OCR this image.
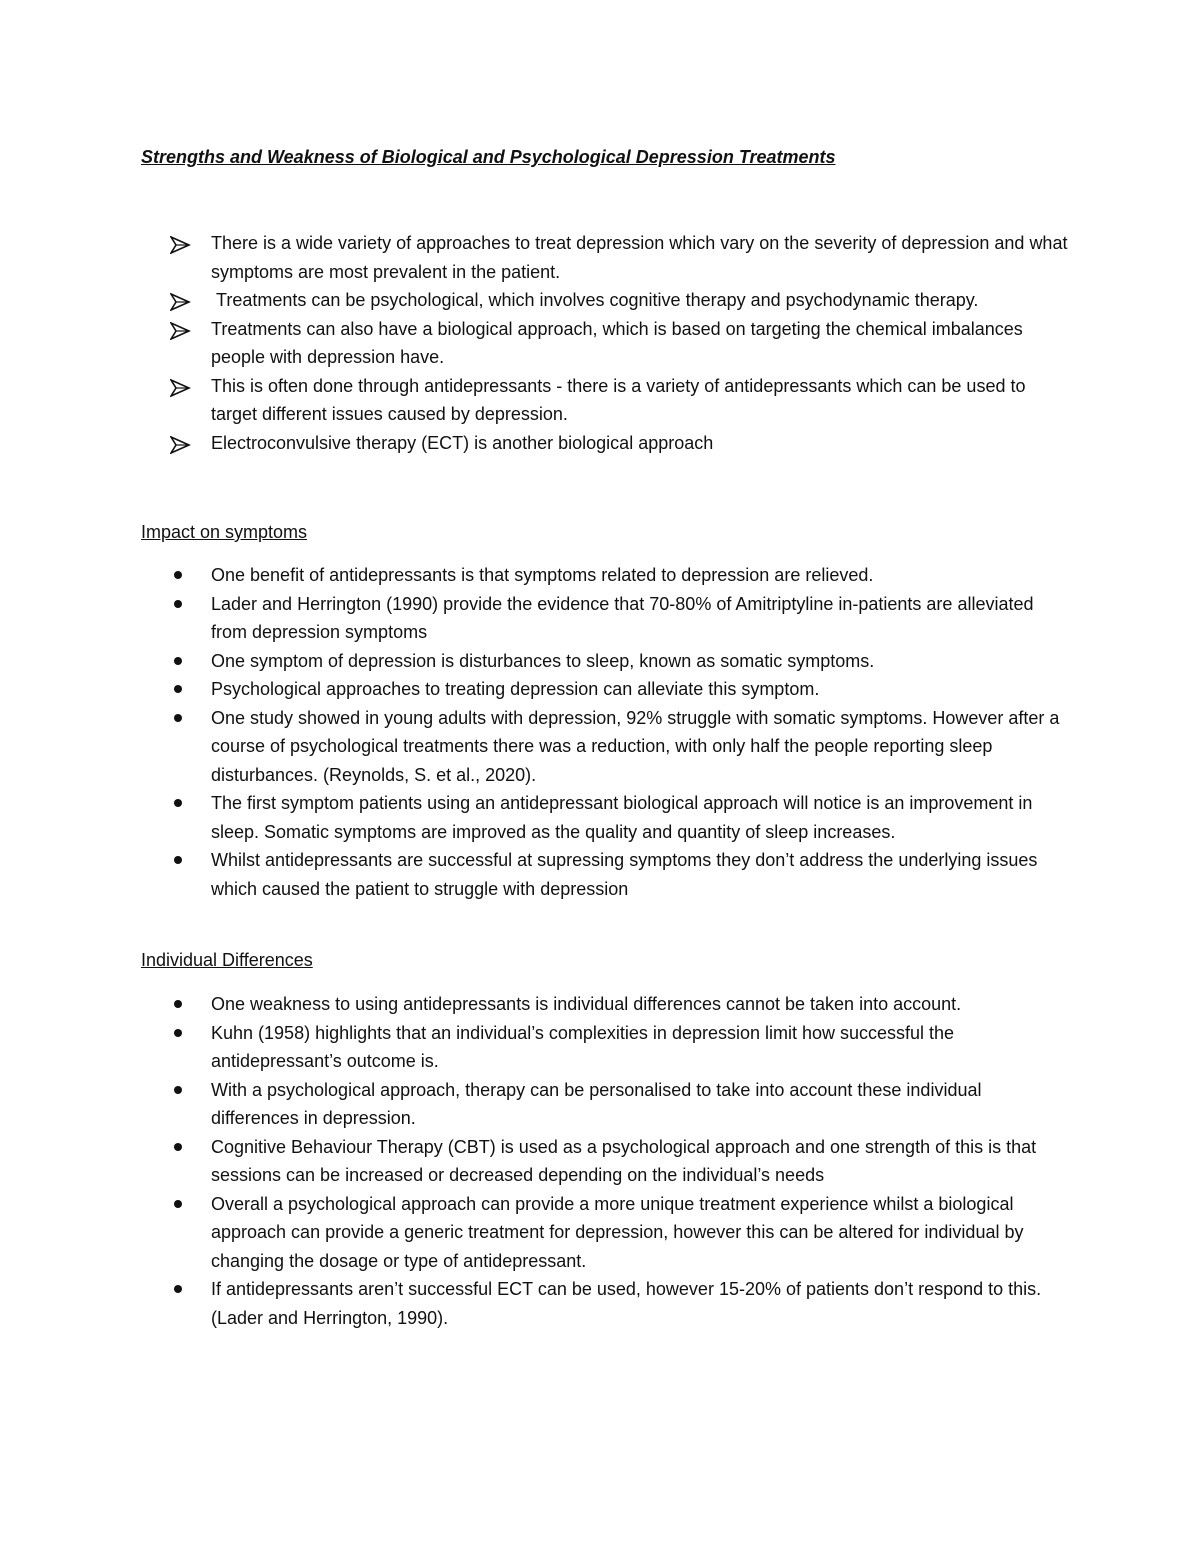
Strengths and Weakness of Biological and Psychological Depression Treatments
There is a wide variety of approaches to treat depression which vary on the severity of depression and what symptoms are most prevalent in the patient.
Treatments can be psychological, which involves cognitive therapy and psychodynamic therapy.
Treatments can also have a biological approach, which is based on targeting the chemical imbalances people with depression have.
This is often done through antidepressants - there is a variety of antidepressants which can be used to target different issues caused by depression.
Electroconvulsive therapy (ECT) is another biological approach
Impact on symptoms
One benefit of antidepressants is that symptoms related to depression are relieved.
Lader and Herrington (1990) provide the evidence that 70-80% of Amitriptyline in-patients are alleviated from depression symptoms
One symptom of depression is disturbances to sleep, known as somatic symptoms.
Psychological approaches to treating depression can alleviate this symptom.
One study showed in young adults with depression, 92% struggle with somatic symptoms. However after a course of psychological treatments there was a reduction, with only half the people reporting sleep disturbances. (Reynolds, S. et al., 2020).
The first symptom patients using an antidepressant biological approach will notice is an improvement in sleep. Somatic symptoms are improved as the quality and quantity of sleep increases.
Whilst antidepressants are successful at supressing symptoms they don’t address the underlying issues which caused the patient to struggle with depression
Individual Differences
One weakness to using antidepressants is individual differences cannot be taken into account.
Kuhn (1958) highlights that an individual’s complexities in depression limit how successful the antidepressant’s outcome is.
With a psychological approach, therapy can be personalised to take into account these individual differences in depression.
Cognitive Behaviour Therapy (CBT) is used as a psychological approach and one strength of this is that sessions can be increased or decreased depending on the individual’s needs
Overall a psychological approach can provide a more unique treatment experience whilst a biological approach can provide a generic treatment for depression, however this can be altered for individual by changing the dosage or type of antidepressant.
If antidepressants aren’t successful ECT can be used, however 15-20% of patients don’t respond to this. (Lader and Herrington, 1990).
